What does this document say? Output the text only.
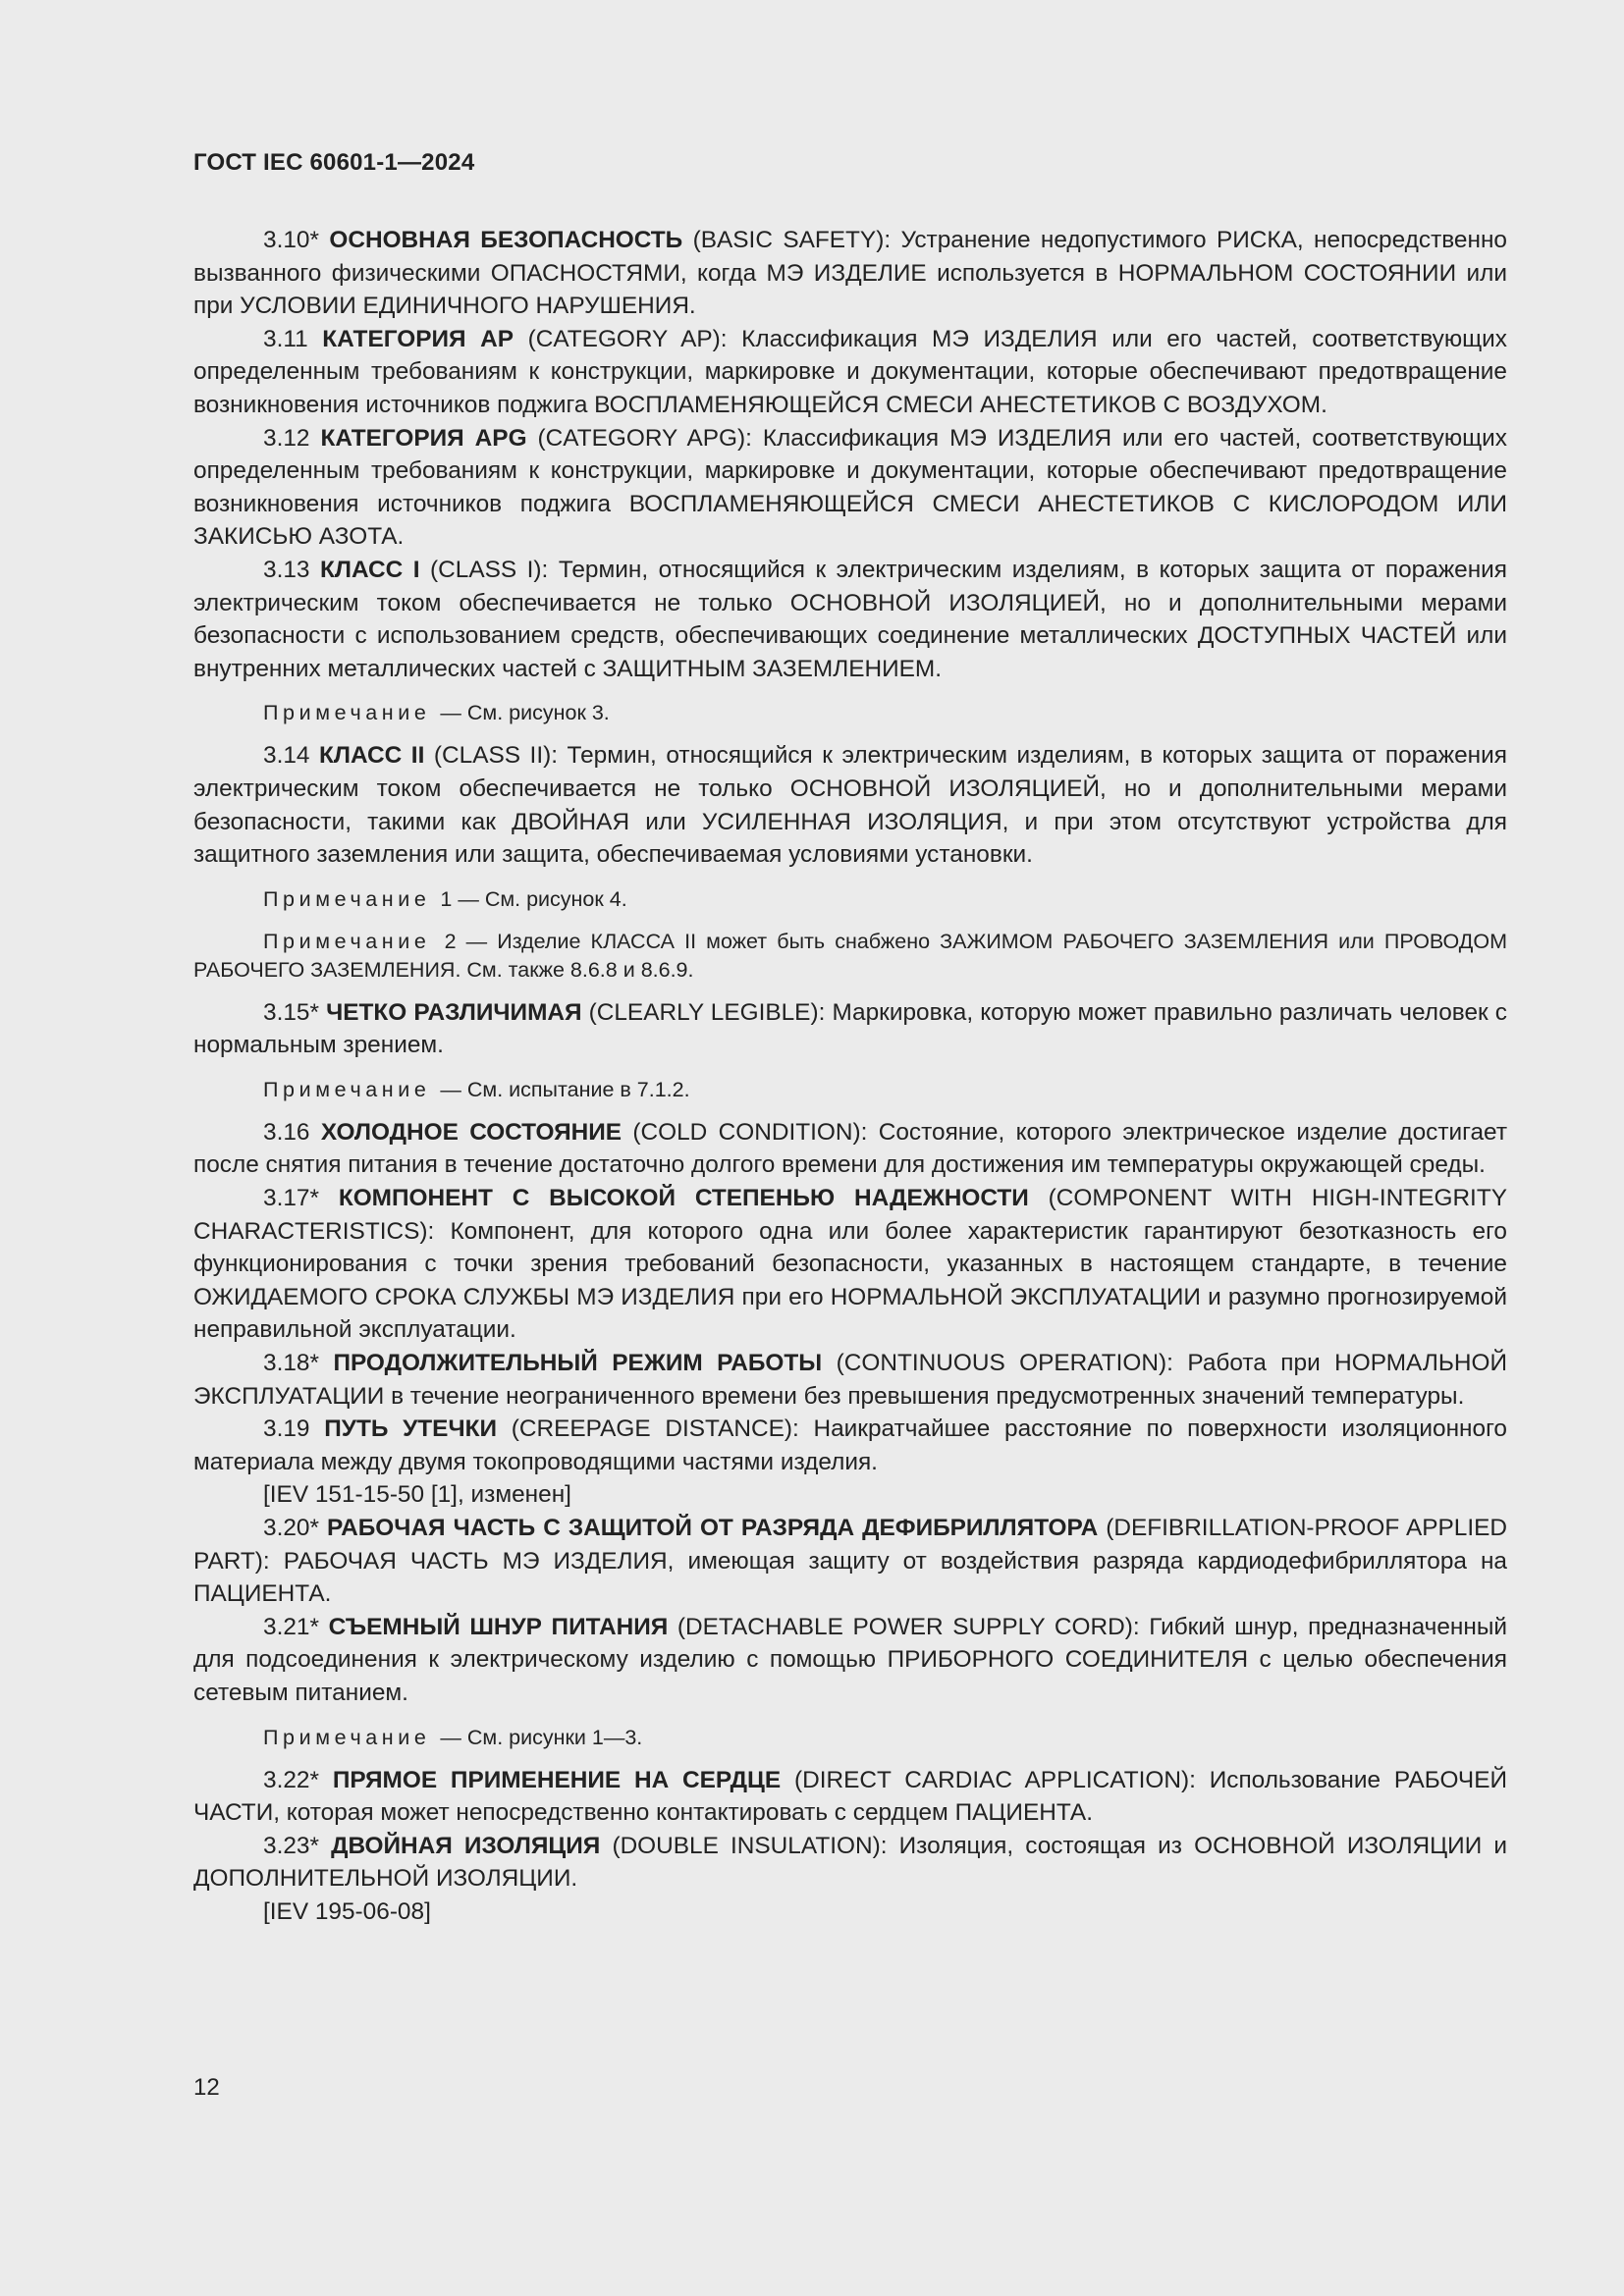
ГОСТ IEC 60601-1—2024

3.10* ОСНОВНАЯ БЕЗОПАСНОСТЬ (BASIC SAFETY): Устранение недопустимого РИСКА, непосредственно вызванного физическими ОПАСНОСТЯМИ, когда МЭ ИЗДЕЛИЕ используется в НОРМАЛЬНОМ СОСТОЯНИИ или при УСЛОВИИ ЕДИНИЧНОГО НАРУШЕНИЯ.

3.11 КАТЕГОРИЯ АР (CATEGORY AP): Классификация МЭ ИЗДЕЛИЯ или его частей, соответствующих определенным требованиям к конструкции, маркировке и документации, которые обеспечивают предотвращение возникновения источников поджига ВОСПЛАМЕНЯЮЩЕЙСЯ СМЕСИ АНЕСТЕТИКОВ С ВОЗДУХОМ.

3.12 КАТЕГОРИЯ APG (CATEGORY APG): Классификация МЭ ИЗДЕЛИЯ или его частей, соответствующих определенным требованиям к конструкции, маркировке и документации, которые обеспечивают предотвращение возникновения источников поджига ВОСПЛАМЕНЯЮЩЕЙСЯ СМЕСИ АНЕСТЕТИКОВ С КИСЛОРОДОМ ИЛИ ЗАКИСЬЮ АЗОТА.

3.13 КЛАСС I (CLASS I): Термин, относящийся к электрическим изделиям, в которых защита от поражения электрическим током обеспечивается не только ОСНОВНОЙ ИЗОЛЯЦИЕЙ, но и дополнительными мерами безопасности с использованием средств, обеспечивающих соединение металлических ДОСТУПНЫХ ЧАСТЕЙ или внутренних металлических частей с ЗАЩИТНЫМ ЗАЗЕМЛЕНИЕМ.

Примечание — См. рисунок 3.

3.14 КЛАСС II (CLASS II): Термин, относящийся к электрическим изделиям, в которых защита от поражения электрическим током обеспечивается не только ОСНОВНОЙ ИЗОЛЯЦИЕЙ, но и дополнительными мерами безопасности, такими как ДВОЙНАЯ или УСИЛЕННАЯ ИЗОЛЯЦИЯ, и при этом отсутствуют устройства для защитного заземления или защита, обеспечиваемая условиями установки.

Примечание 1 — См. рисунок 4.

Примечание 2 — Изделие КЛАССА II может быть снабжено ЗАЖИМОМ РАБОЧЕГО ЗАЗЕМЛЕНИЯ или ПРОВОДОМ РАБОЧЕГО ЗАЗЕМЛЕНИЯ. См. также 8.6.8 и 8.6.9.

3.15* ЧЕТКО РАЗЛИЧИМАЯ (CLEARLY LEGIBLE): Маркировка, которую может правильно различать человек с нормальным зрением.

Примечание — См. испытание в 7.1.2.

3.16 ХОЛОДНОЕ СОСТОЯНИЕ (COLD CONDITION): Состояние, которого электрическое изделие достигает после снятия питания в течение достаточно долгого времени для достижения им температуры окружающей среды.

3.17* КОМПОНЕНТ С ВЫСОКОЙ СТЕПЕНЬЮ НАДЕЖНОСТИ (COMPONENT WITH HIGH-INTEGRITY CHARACTERISTICS): Компонент, для которого одна или более характеристик гарантируют безотказность его функционирования с точки зрения требований безопасности, указанных в настоящем стандарте, в течение ОЖИДАЕМОГО СРОКА СЛУЖБЫ МЭ ИЗДЕЛИЯ при его НОРМАЛЬНОЙ ЭКСПЛУАТАЦИИ и разумно прогнозируемой неправильной эксплуатации.

3.18* ПРОДОЛЖИТЕЛЬНЫЙ РЕЖИМ РАБОТЫ (CONTINUOUS OPERATION): Работа при НОРМАЛЬНОЙ ЭКСПЛУАТАЦИИ в течение неограниченного времени без превышения предусмотренных значений температуры.

3.19 ПУТЬ УТЕЧКИ (CREEPAGE DISTANCE): Наикратчайшее расстояние по поверхности изоляционного материала между двумя токопроводящими частями изделия.

[IEV 151-15-50 [1], изменен]

3.20* РАБОЧАЯ ЧАСТЬ С ЗАЩИТОЙ ОТ РАЗРЯДА ДЕФИБРИЛЛЯТОРА (DEFIBRILLATION-PROOF APPLIED PART): РАБОЧАЯ ЧАСТЬ МЭ ИЗДЕЛИЯ, имеющая защиту от воздействия разряда кардиодефибриллятора на ПАЦИЕНТА.

3.21* СЪЕМНЫЙ ШНУР ПИТАНИЯ (DETACHABLE POWER SUPPLY CORD): Гибкий шнур, предназначенный для подсоединения к электрическому изделию с помощью ПРИБОРНОГО СОЕДИНИТЕЛЯ с целью обеспечения сетевым питанием.

Примечание — См. рисунки 1—3.

3.22* ПРЯМОЕ ПРИМЕНЕНИЕ НА СЕРДЦЕ (DIRECT CARDIAC APPLICATION): Использование РАБОЧЕЙ ЧАСТИ, которая может непосредственно контактировать с сердцем ПАЦИЕНТА.

3.23* ДВОЙНАЯ ИЗОЛЯЦИЯ (DOUBLE INSULATION): Изоляция, состоящая из ОСНОВНОЙ ИЗОЛЯЦИИ и ДОПОЛНИТЕЛЬНОЙ ИЗОЛЯЦИИ.

[IEV 195-06-08]

12
